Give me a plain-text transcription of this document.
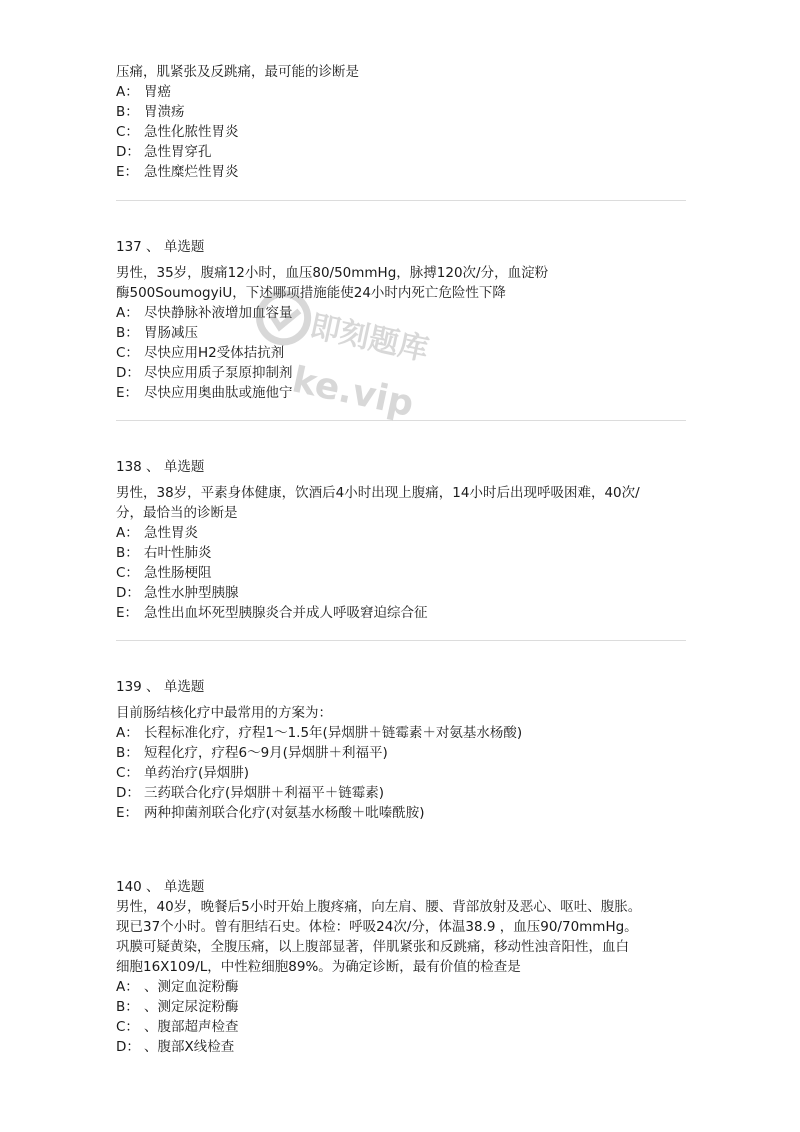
压痛，肌紧张及反跳痛，最可能的诊断是
A： 胃癌
B： 胃溃疡
C： 急性化脓性胃炎
D： 急性胃穿孔
E： 急性糜烂性胃炎
137 、 单选题
男性，35岁，腹痛12小时，血压80/50mmHg，脉搏120次/分，血淀粉
酶500SoumogyiU，下述哪项措施能使24小时内死亡危险性下降
A： 尽快静脉补液增加血容量
B： 胃肠减压
C： 尽快应用H2受体拮抗剂
D： 尽快应用质子泵原抑制剂
E： 尽快应用奥曲肽或施他宁
138 、 单选题
男性，38岁，平素身体健康，饮酒后4小时出现上腹痛，14小时后出现呼吸困难，40次/
分，最恰当的诊断是
A： 急性胃炎
B： 右叶性肺炎
C： 急性肠梗阻
D： 急性水肿型胰腺
E： 急性出血坏死型胰腺炎合并成人呼吸窘迫综合征
139 、 单选题
目前肠结核化疗中最常用的方案为：
A： 长程标准化疗，疗程1～1.5年(异烟肼＋链霉素＋对氨基水杨酸)
B： 短程化疗，疗程6～9月(异烟肼＋利福平)
C： 单药治疗(异烟肼)
D： 三药联合化疗(异烟肼＋利福平＋链霉素)
E： 两种抑菌剂联合化疗(对氨基水杨酸＋吡嗪酰胺)
140 、 单选题
男性，40岁，晚餐后5小时开始上腹疼痛，向左肩、腰、背部放射及恶心、呕吐、腹胀。
现已37个小时。曾有胆结石史。体检：呼吸24次/分，体温38.9 ，血压90/70mmHg。
巩膜可疑黄染，全腹压痛，以上腹部显著，伴肌紧张和反跳痛，移动性浊音阳性，血白
细胞16X109/L，中性粒细胞89%。为确定诊断，最有价值的检查是
A： 、测定血淀粉酶
B： 、测定尿淀粉酶
C： 、腹部超声检查
D： 、腹部X线检查
即刻题库
ke.vip
